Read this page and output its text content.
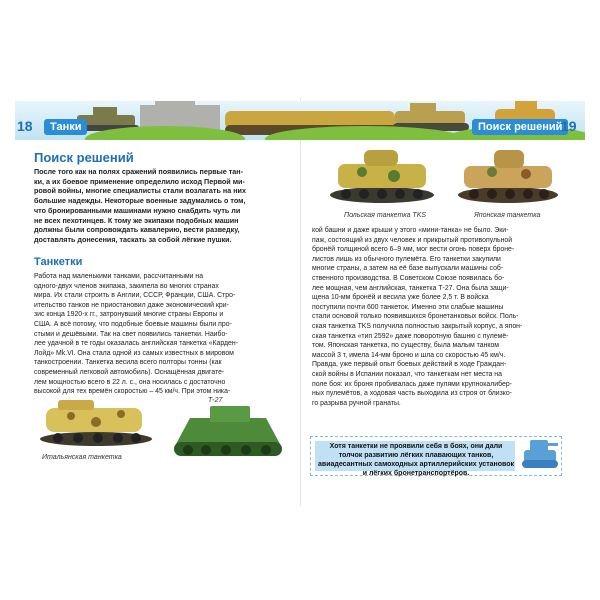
18	Танки	Поиск решений
19
Поиск решений
После того как на полях сражений появились первые тан-
ки, а их боевое применение определило исход Первой ми-
ровой войны, многие специалисты стали возлагать на них
большие надежды. Некоторые военные задумались о том,
что бронированными машинами нужно снабдить чуть ли
не всех пехотинцев. К тому же экипажи подобных машин
должны были сопровождать кавалерию, вести разведку,
доставлять донесения, таскать за собой лёгкие пушки.
Танкетки
Работа над маленькими танками, рассчитанными на
одного-двух членов экипажа, закипела во многих странах
мира. Их стали строить в Англии, СССР, Франции, США. Стро-
ительство танков не приостановил даже экономический кри-
зис конца 1920-х гг., затронувший многие страны Европы и
США. А всё потому, что подобные боевые машины были про-
стыми и дешёвыми. Так на свет появились танкетки. Наибо-
лее удачной в те годы оказалась английская танкетка «Карден-
Лойд» Mk.VI. Она стала одной из самых известных в мировом
танкостроении. Танкетка весила всего полторы тонны (как
современный легковой автомобиль). Оснащённая двигате-
лем мощностью всего в 22 л. с., она носилась с достаточно
высокой для тех времён скоростью – 45 км/ч. При этом ника-
Итальянская танкетка
Т-27
Польская танкетка TKS	Японская танкетка
кой башни и даже крыши у этого «мини-танка» не было. Эки-
паж, состоящий из двух человек и прикрытый противопульной
бронёй толщиной всего 6–9 мм, мог вести огонь поверх броне-
листов лишь из обычного пулемёта. Его танкетки закупили
многие страны, а затем на её базе выпускали машины соб-
ственного производства. В Советском Союзе появилась бо-
лее мощная, чем английская, танкетка Т-27. Она была защи-
щена 10-мм бронёй и весила уже более 2,5 т. В войска
поступили почти 600 танкеток. Именно эти слабые машины
стали основой только появившихся бронетанковых войск. Поль-
ская танкетка TKS получила полностью закрытый корпус, а япон-
ская танкетка «тип 2592» даже поворотную башню с пулемё-
том. Японская танкетка, по существу, была малым танком
массой 3 т, имела 14-мм броню и шла со скоростью 45 км/ч.
Правда, уже первый опыт боевых действий в ходе Граждан-
ской войны в Испании показал, что танкеткам нет места на
поле боя: их броня пробивалась даже пулями крупнокалибер-
ных пулемётов, а ходовая часть выходила из строя от близко-
го разрыва ручной гранаты.
Хотя танкетки не проявили себя в боях, они дали толчок развитию лёгких плавающих танков, авиадесантных самоходных артиллерийских установок и лёгких бронетранспортёров.
